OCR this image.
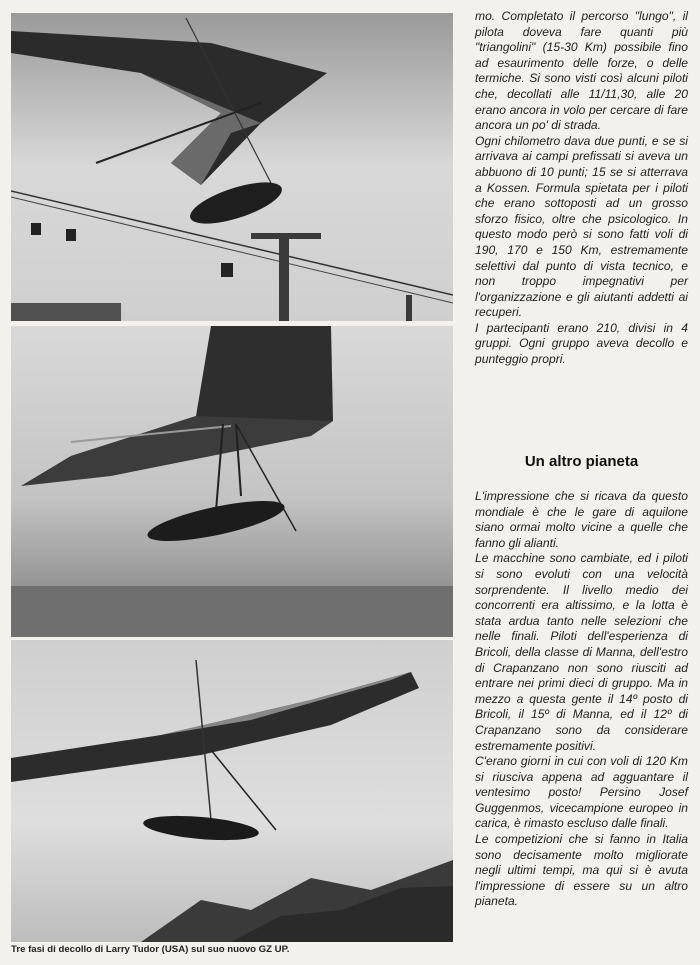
Tre fasi di decollo di Larry Tudor (USA) sul suo nuovo GZ UP.

mo. Completato il percorso "lungo", il pilota doveva fare quanti più "triangolini" (15-30 Km) possibile fino ad esaurimento delle forze, o delle termiche. Si sono visti così alcuni piloti che, decollati alle 11/11,30, alle 20 erano ancora in volo per cercare di fare ancora un po' di strada.

Ogni chilometro dava due punti, e se si arrivava ai campi prefissati si aveva un abbuono di 10 punti; 15 se si atterrava a Kossen. Formula spietata per i piloti che erano sottoposti ad un grosso sforzo fisico, oltre che psicologico. In questo modo però si sono fatti voli di 190, 170 e 150 Km, estremamente selettivi dal punto di vista tecnico, e non troppo impegnativi per l'organizzazione e gli aiutanti addetti ai recuperi.

I partecipanti erano 210, divisi in 4 gruppi. Ogni gruppo aveva decollo e punteggio propri.

Un altro pianeta

L'impressione che si ricava da questo mondiale è che le gare di aquilone siano ormai molto vicine a quelle che fanno gli alianti.

Le macchine sono cambiate, ed i piloti si sono evoluti con una velocità sorprendente. Il livello medio dei concorrenti era altissimo, e la lotta è stata ardua tanto nelle selezioni che nelle finali. Piloti dell'esperienza di Bricoli, della classe di Manna, dell'estro di Crapanzano non sono riusciti ad entrare nei primi dieci di gruppo. Ma in mezzo a questa gente il 14º posto di Bricoli, il 15º di Manna, ed il 12º di Crapanzano sono da considerare estremamente positivi.

C'erano giorni in cui con voli di 120 Km si riusciva appena ad agguantare il ventesimo posto! Persino Josef Guggenmos, vicecampione europeo in carica, è rimasto escluso dalle finali.

Le competizioni che si fanno in Italia sono decisamente molto migliorate negli ultimi tempi, ma qui si è avuta l'impressione di essere su un altro pianeta.
